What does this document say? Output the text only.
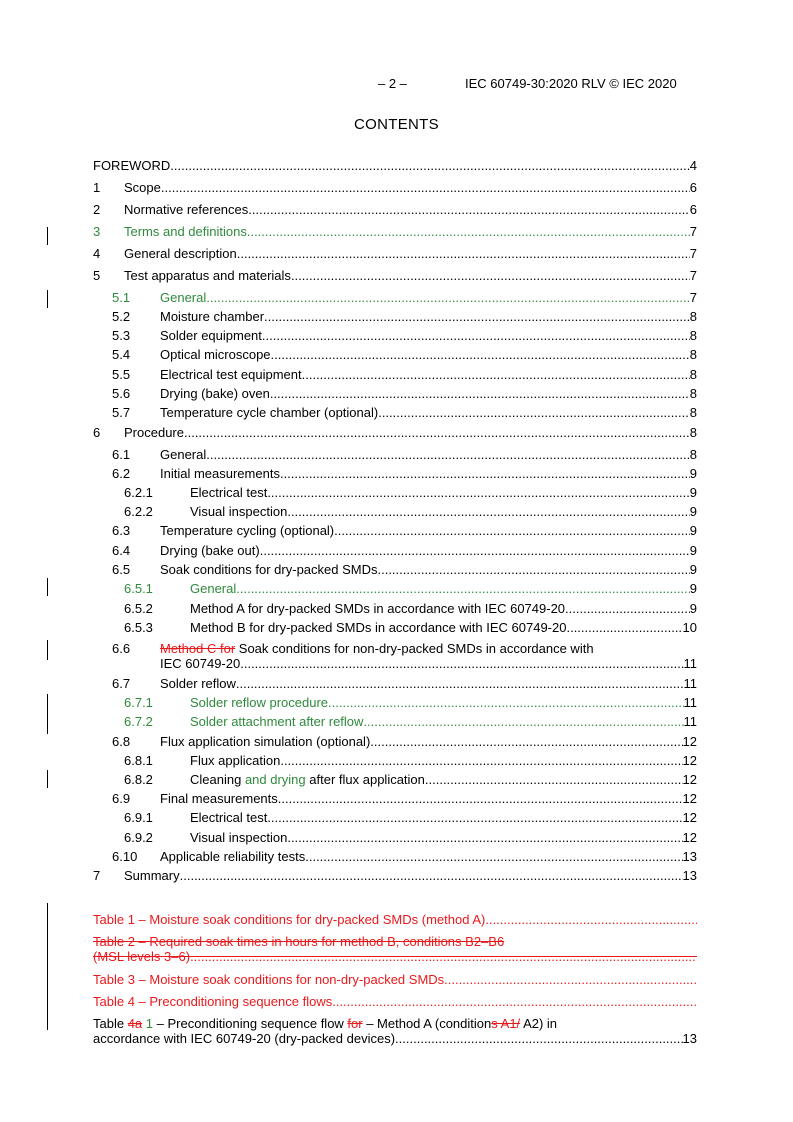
– 2 –	IEC 60749-30:2020 RLV © IEC 2020
CONTENTS
FOREWORD .....	4
1 Scope .....	6
2 Normative references .....	6
3 Terms and definitions .....	7
4 General description .....	7
5 Test apparatus and materials .....	7
5.1 General .....	7
5.2 Moisture chamber .....	8
5.3 Solder equipment .....	8
5.4 Optical microscope .....	8
5.5 Electrical test equipment .....	8
5.6 Drying (bake) oven .....	8
5.7 Temperature cycle chamber (optional) .....	8
6 Procedure .....	8
6.1 General .....	8
6.2 Initial measurements .....	9
6.2.1	Electrical test .....	9
6.2.2	Visual inspection .....	9
6.3 Temperature cycling (optional) .....	9
6.4 Drying (bake out) .....	9
6.5 Soak conditions for dry-packed SMDs .....	9
6.5.1	General .....	9
6.5.2	Method A for dry-packed SMDs in accordance with IEC 60749-20 .....	9
6.5.3	Method B for dry-packed SMDs in accordance with IEC 60749-20 .....	10
6.6 Method C for Soak conditions for non-dry-packed SMDs in accordance with
IEC 60749-20 .....	11
6.7 Solder reflow .....	11
6.7.1	Solder reflow procedure .....	11
6.7.2	Solder attachment after reflow .....	11
6.8 Flux application simulation (optional) .....	12
6.8.1	Flux application .....	12
6.8.2	Cleaning and drying after flux application .....	12
6.9 Final measurements .....	12
6.9.1	Electrical test .....	12
6.9.2	Visual inspection .....	12
6.10 Applicable reliability tests .....	13
7 Summary .....	13
Table 1 – Moisture soak conditions for dry-packed SMDs (method A)
.....
Table 2 – Required soak times in hours for method B, conditions B2–B6
(MSL levels 3–6)
.....
Table 3 – Moisture soak conditions for non-dry-packed SMDs
.....
Table 4 – Preconditioning sequence flows
.....
Table 4a 1 – Preconditioning sequence flow for – Method A (conditions A1/ A2) in
accordance with IEC 60749-20 (dry-packed devices) .....	13
